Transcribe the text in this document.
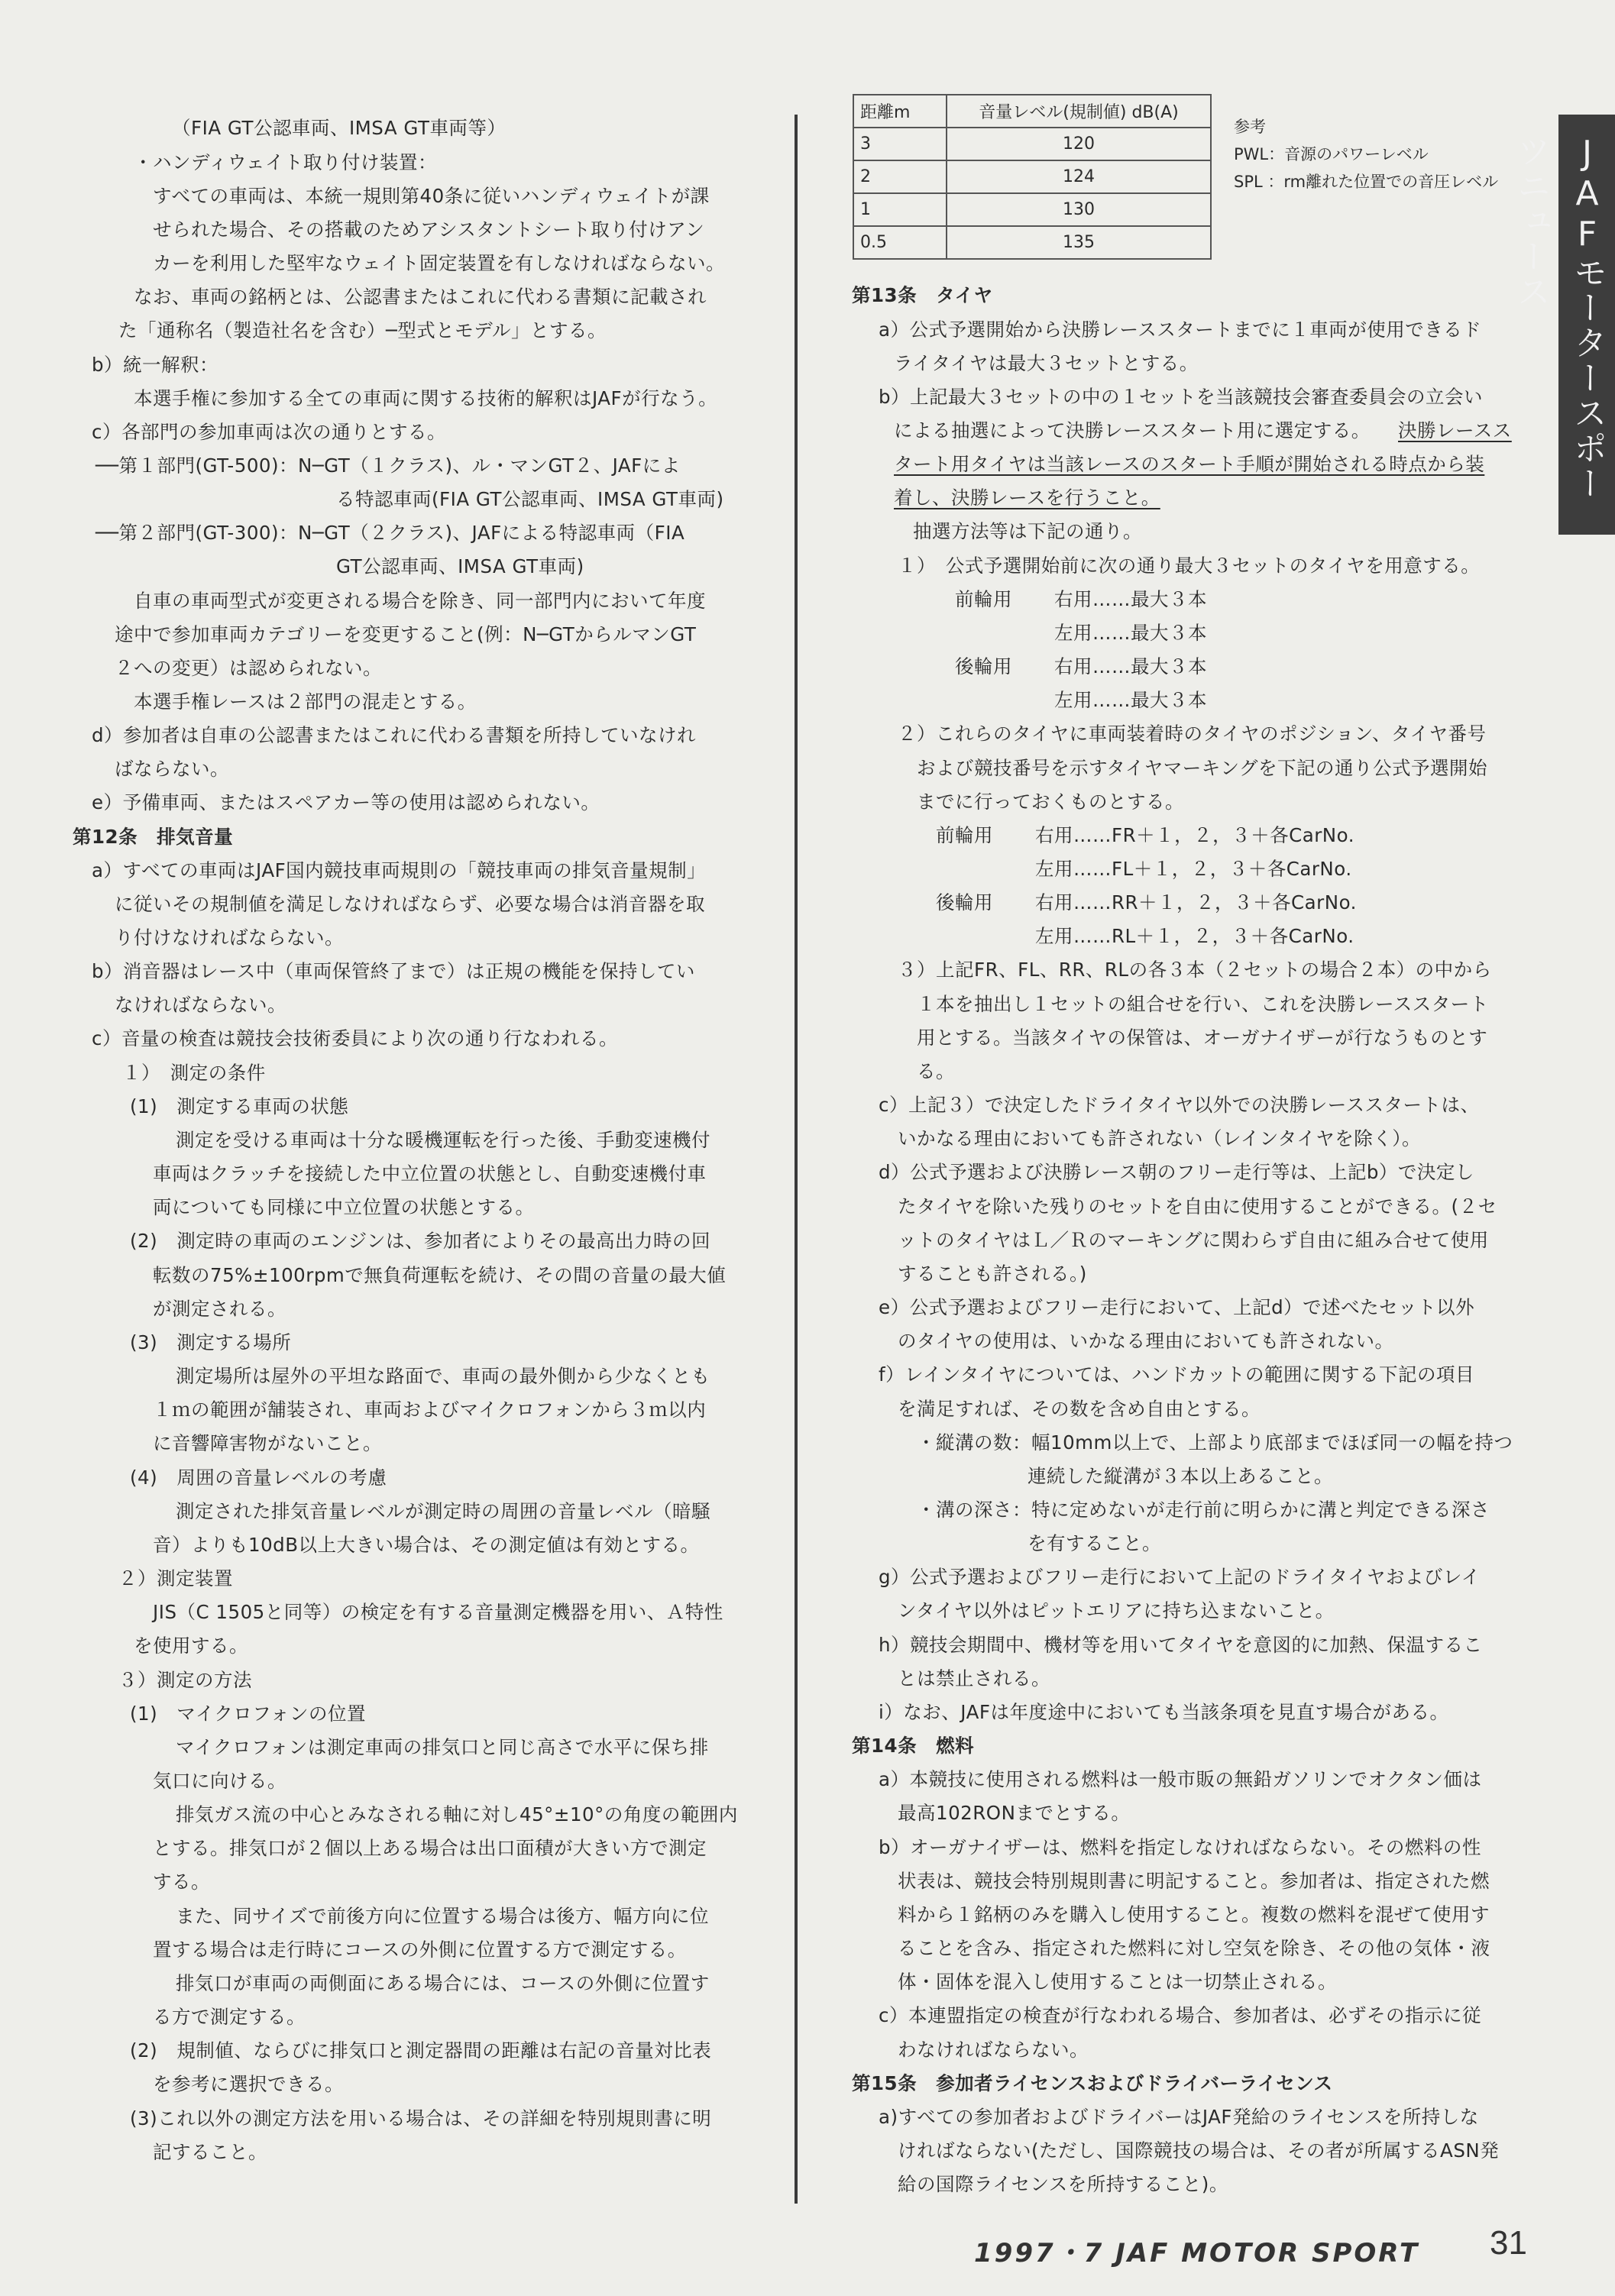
（FIA GT公認車両、IMSA GT車両等）
・ハンディウェイト取り付け装置：
すべての車両は、本統一規則第40条に従いハンディウェイトが課
せられた場合、その搭載のためアシスタントシート取り付けアン
カーを利用した堅牢なウェイト固定装置を有しなければならない。
なお、車両の銘柄とは、公認書またはこれに代わる書類に記載され
た「通称名（製造社名を含む）─型式とモデル」とする。
b）統一解釈：
本選手権に参加する全ての車両に関する技術的解釈はJAFが行なう。
c）各部門の参加車両は次の通りとする。
──第１部門(GT-500)：N─GT（１クラス)、ル・マンGT２、JAFによ
る特認車両(FIA GT公認車両、IMSA GT車両)
──第２部門(GT-300)：N─GT（２クラス)、JAFによる特認車両（FIA
GT公認車両、IMSA GT車両)
自車の車両型式が変更される場合を除き、同一部門内において年度
途中で参加車両カテゴリーを変更すること(例：N─GTからルマンGT
２への変更）は認められない。
本選手権レースは２部門の混走とする。
d）参加者は自車の公認書またはこれに代わる書類を所持していなけれ
ばならない。
e）予備車両、またはスペアカー等の使用は認められない。
第12条　排気音量
a）すべての車両はJAF国内競技車両規則の「競技車両の排気音量規制」
に従いその規制値を満足しなければならず、必要な場合は消音器を取
り付けなければならない。
b）消音器はレース中（車両保管終了まで）は正規の機能を保持してい
なければならない。
c）音量の検査は競技会技術委員により次の通り行なわれる。
１）　測定の条件
(1)　測定する車両の状態
測定を受ける車両は十分な暖機運転を行った後、手動変速機付
車両はクラッチを接続した中立位置の状態とし、自動変速機付車
両についても同様に中立位置の状態とする。
(2)　測定時の車両のエンジンは、参加者によりその最高出力時の回
転数の75%±100rpmで無負荷運転を続け、その間の音量の最大値
が測定される。
(3)　測定する場所
測定場所は屋外の平坦な路面で、車両の最外側から少なくとも
１ｍの範囲が舗装され、車両およびマイクロフォンから３ｍ以内
に音響障害物がないこと。
(4)　周囲の音量レベルの考慮
測定された排気音量レベルが測定時の周囲の音量レベル（暗騒
音）よりも10dB以上大きい場合は、その測定値は有効とする。
２）測定装置
JIS（C 1505と同等）の検定を有する音量測定機器を用い、Ａ特性
を使用する。
３）測定の方法
(1)　マイクロフォンの位置
マイクロフォンは測定車両の排気口と同じ高さで水平に保ち排
気口に向ける。
排気ガス流の中心とみなされる軸に対し45°±10°の角度の範囲内
とする。排気口が２個以上ある場合は出口面積が大きい方で測定
する。
また、同サイズで前後方向に位置する場合は後方、幅方向に位
置する場合は走行時にコースの外側に位置する方で測定する。
排気口が車両の両側面にある場合には、コースの外側に位置す
る方で測定する。
(2)　規制値、ならびに排気口と測定器間の距離は右記の音量対比表
を参考に選択できる。
(3)これ以外の測定方法を用いる場合は、その詳細を特別規則書に明
記すること。
距離m	音量レベル(規制値) dB(A)
3	120
2	124
1	130
0.5	135
参考
PWL：音源のパワーレベル
SPL ：rm離れた位置での音圧レベル
第13条　タイヤ
a）公式予選開始から決勝レーススタートまでに１車両が使用できるド
ライタイヤは最大３セットとする。
b）上記最大３セットの中の１セットを当該競技会審査委員会の立会い
による抽選によって決勝レーススタート用に選定する。 決勝レースス
タート用タイヤは当該レースのスタート手順が開始される時点から装
着し、決勝レースを行うこと。
抽選方法等は下記の通り。
１）　公式予選開始前に次の通り最大３セットのタイヤを用意する。
前輪用 右用……最大３本
左用……最大３本
後輪用 右用……最大３本
左用……最大３本
２）これらのタイヤに車両装着時のタイヤのポジション、タイヤ番号
および競技番号を示すタイヤマーキングを下記の通り公式予選開始
までに行っておくものとする。
前輪用 右用……FR＋１，２，３＋各CarNo.
左用……FL＋１，２，３＋各CarNo.
後輪用 右用……RR＋１，２，３＋各CarNo.
左用……RL＋１，２，３＋各CarNo.
３）上記FR、FL、RR、RLの各３本（２セットの場合２本）の中から
１本を抽出し１セットの組合せを行い、これを決勝レーススタート
用とする。当該タイヤの保管は、オーガナイザーが行なうものとす
る。
c）上記３）で決定したドライタイヤ以外での決勝レーススタートは、
いかなる理由においても許されない（レインタイヤを除く）。
d）公式予選および決勝レース朝のフリー走行等は、上記b）で決定し
たタイヤを除いた残りのセットを自由に使用することができる。(２セ
ットのタイヤはＬ／Ｒのマーキングに関わらず自由に組み合せて使用
することも許される。)
e）公式予選およびフリー走行において、上記d）で述べたセット以外
のタイヤの使用は、いかなる理由においても許されない。
f）レインタイヤについては、ハンドカットの範囲に関する下記の項目
を満足すれば、その数を含め自由とする。
・縦溝の数：幅10mm以上で、上部より底部までほぼ同一の幅を持つ
連続した縦溝が３本以上あること。
・溝の深さ：特に定めないが走行前に明らかに溝と判定できる深さ
を有すること。
g）公式予選およびフリー走行において上記のドライタイヤおよびレイ
ンタイヤ以外はピットエリアに持ち込まないこと。
h）競技会期間中、機材等を用いてタイヤを意図的に加熱、保温するこ
とは禁止される。
i）なお、JAFは年度途中においても当該条項を見直す場合がある。
第14条　燃料
a）本競技に使用される燃料は一般市販の無鉛ガソリンでオクタン価は
最高102RONまでとする。
b）オーガナイザーは、燃料を指定しなければならない。その燃料の性
状表は、競技会特別規則書に明記すること。参加者は、指定された燃
料から１銘柄のみを購入し使用すること。複数の燃料を混ぜて使用す
ることを含み、指定された燃料に対し空気を除き、その他の気体・液
体・固体を混入し使用することは一切禁止される。
c）本連盟指定の検査が行なわれる場合、参加者は、必ずその指示に従
わなければならない。
第15条　参加者ライセンスおよびドライバーライセンス
a)すべての参加者およびドライバーはJAF発給のライセンスを所持しな
ければならない(ただし、国際競技の場合は、その者が所属するASN発
給の国際ライセンスを所持すること)。
JAFモータースポーツニュース
1997・7 JAF MOTOR SPORT 31
